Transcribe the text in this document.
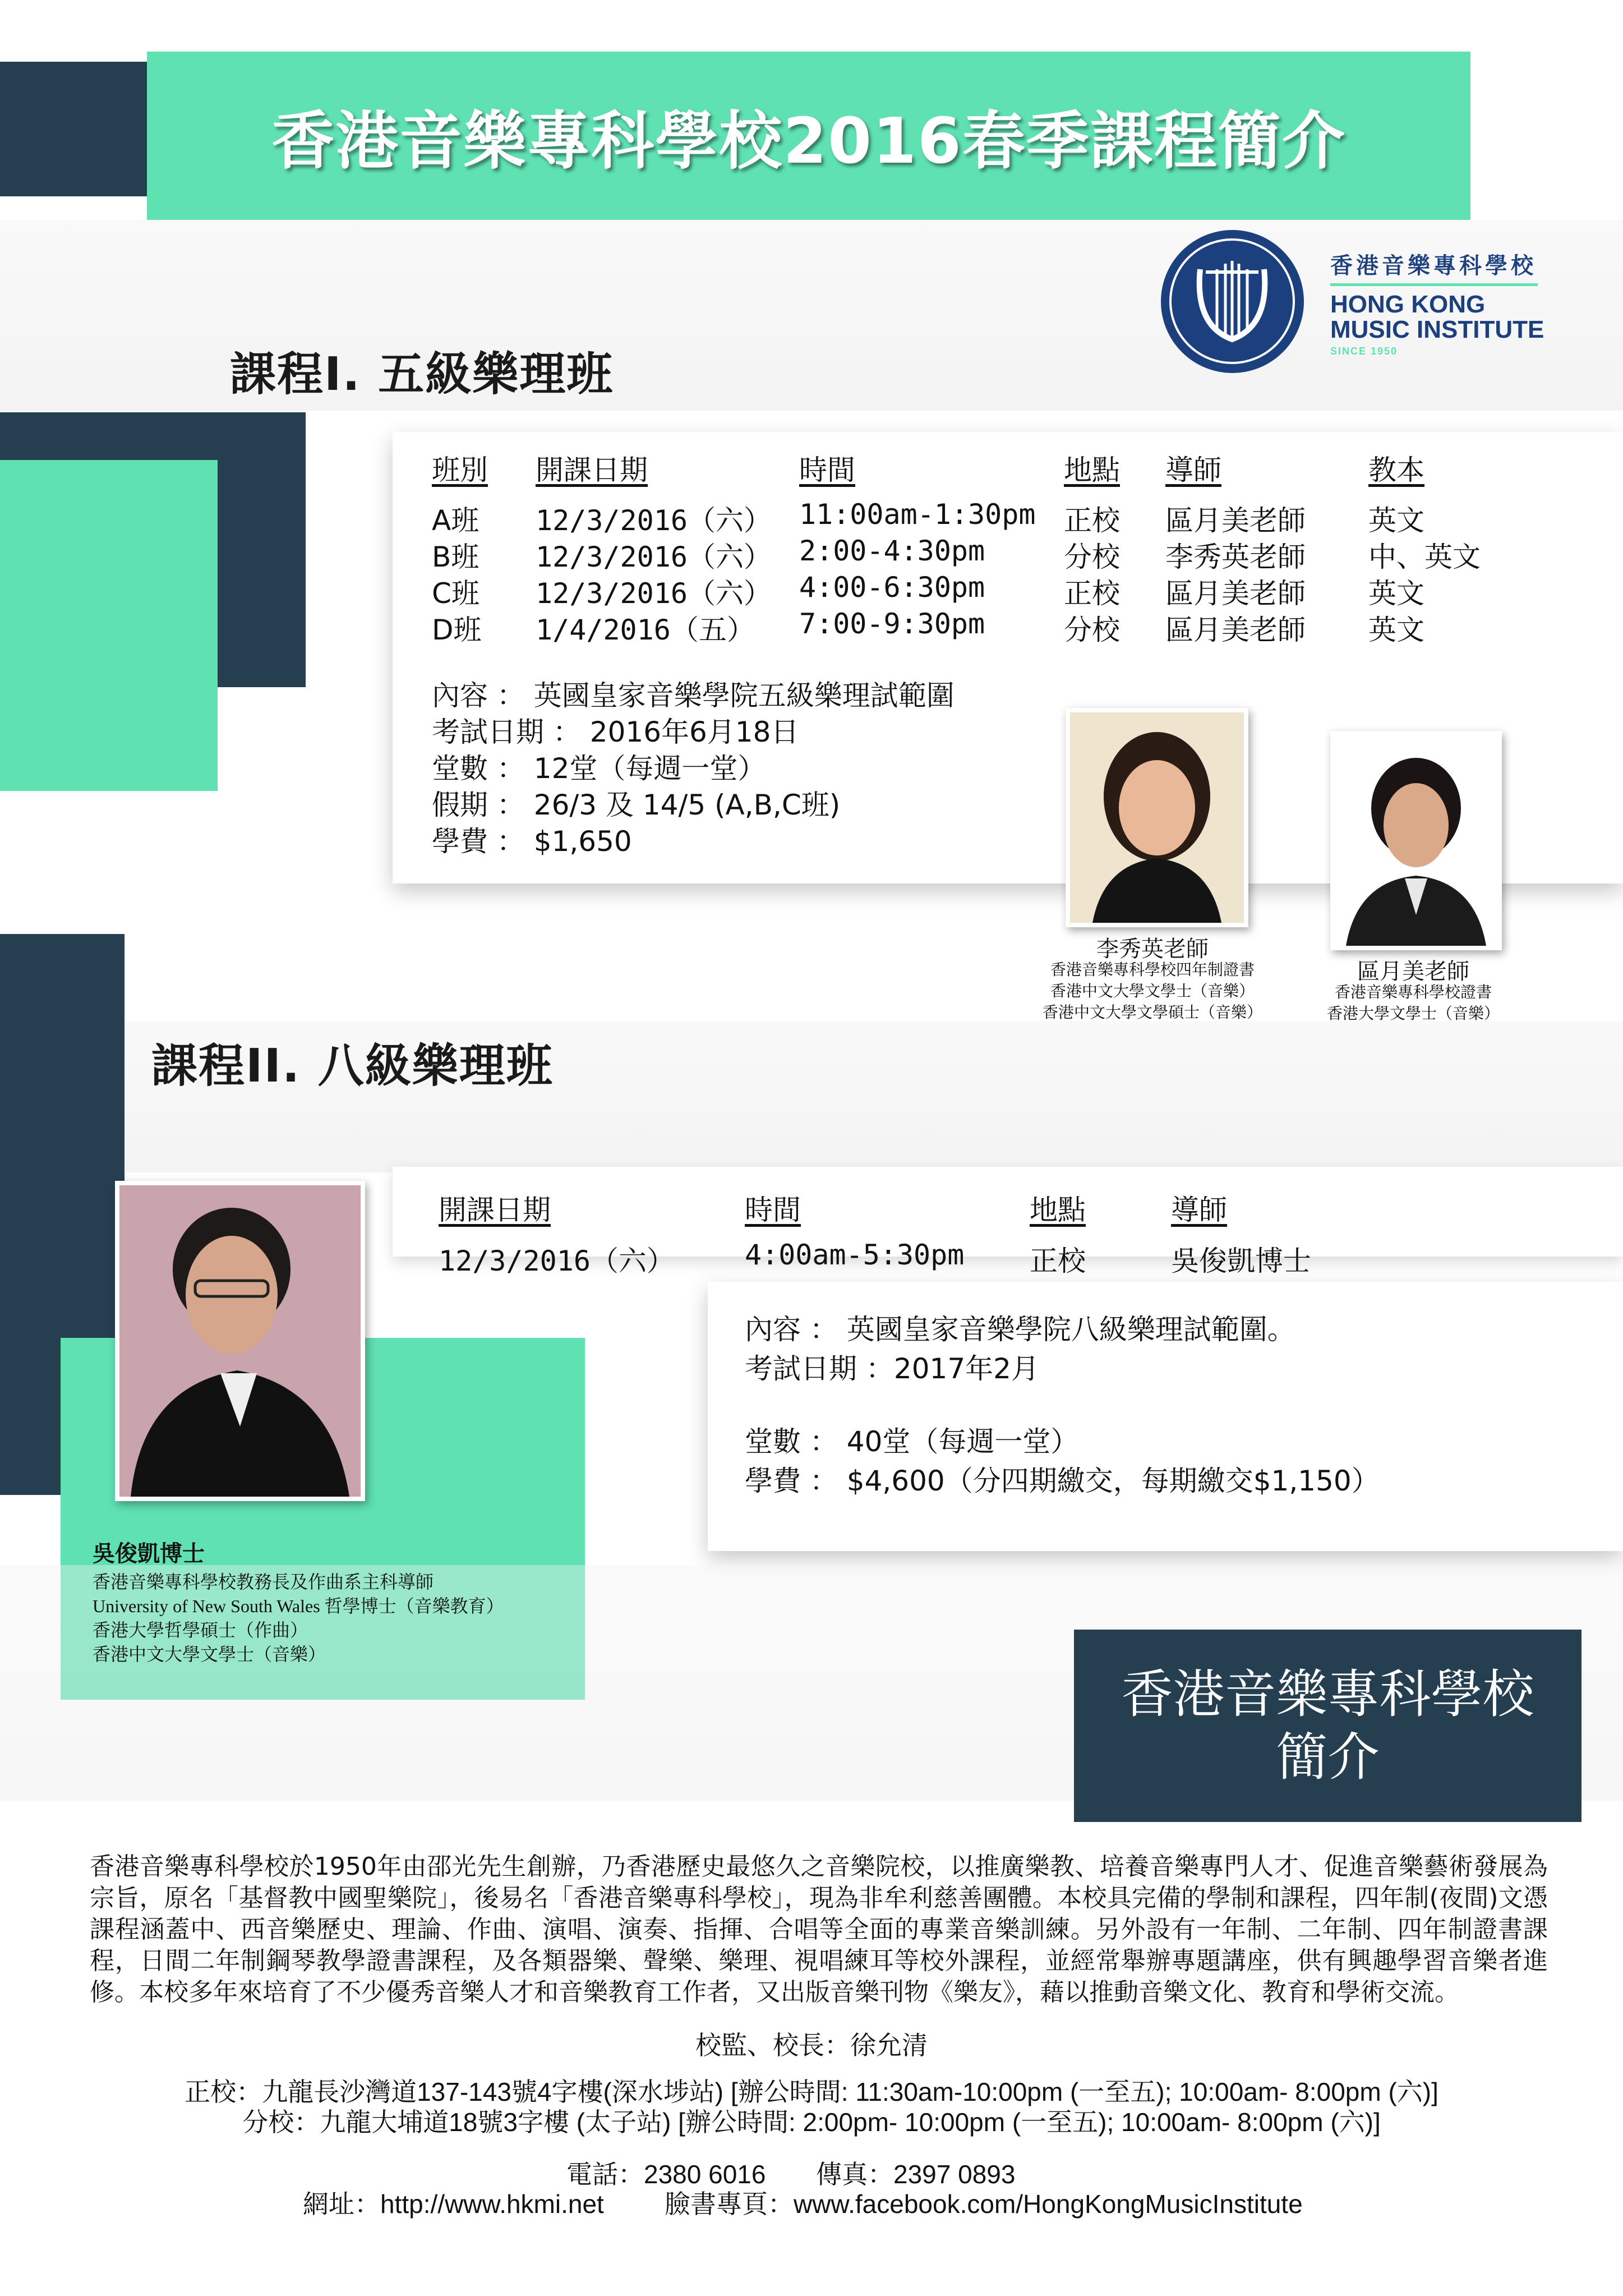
香港音樂專科學校2016春季課程簡介
香港音樂專科學校
HONG KONG
MUSIC INSTITUTE
SINCE 1950
課程I. 五級樂理班
班別 開課日期	時間	地點 導師	教本
A班 12/3/2016（六） 11:00am-1:30pm 正校 區月美老師 英文
B班 12/3/2016（六） 2:00-4:30pm	分校 李秀英老師 中、英文
C班 12/3/2016（六） 4:00-6:30pm	正校 區月美老師 英文
D班 1/4/2016（五） 7:00-9:30pm	分校 區月美老師 英文
內容 ： 英國皇家音樂學院五級樂理試範圍
考試日期 ： 2016年6月18日
堂數 ： 12堂（每週一堂）
假期 ： 26/3 及 14/5 (A,B,C班)
學費 ： $1,650
李秀英老師
香港音樂專科學校四年制證書
香港中文大學文學士（音樂）
香港中文大學文學碩士（音樂）
區月美老師
香港音樂專科學校證書
香港大學文學士（音樂）
課程II. 八級樂理班
開課日期	時間	地點	導師
12/3/2016（六）	4:00am-5:30pm 正校	吳俊凱博士
內容 ： 英國皇家音樂學院八級樂理試範圍。
考試日期 ：2017年2月
堂數 ： 40堂（每週一堂）
學費 ： $4,600（分四期繳交，每期繳交$1,150）
吳俊凱博士
香港音樂專科學校教務長及作曲系主科導師
University of New South Wales 哲學博士（音樂教育）
香港大學哲學碩士（作曲）
香港中文大學文學士（音樂）
香港音樂專科學校
簡介
香港音樂專科學校於1950年由邵光先生創辦，乃香港歷史最悠久之音樂院校，以推廣樂教、培養音樂專門人才、促進音樂藝術發展為宗旨，原名「基督教中國聖樂院」，後易名「香港音樂專科學校」，現為非牟利慈善團體。本校具完備的學制和課程，四年制(夜間)文憑課程涵蓋中、西音樂歷史、理論、作曲、演唱、演奏、指揮、合唱等全面的專業音樂訓練。另外設有一年制、二年制、四年制證書課程，日間二年制鋼琴教學證書課程，及各類器樂、聲樂、樂理、視唱練耳等校外課程，並經常舉辦專題講座，供有興趣學習音樂者進修。本校多年來培育了不少優秀音樂人才和音樂教育工作者，又出版音樂刊物《樂友》，藉以推動音樂文化、教育和學術交流。
校監、校長：徐允清
正校：九龍長沙灣道137-143號4字樓(深水埗站) [辦公時間: 11:30am-10:00pm (一至五); 10:00am- 8:00pm (六)]
分校：九龍大埔道18號3字樓 (太子站) [辦公時間: 2:00pm- 10:00pm (一至五); 10:00am- 8:00pm (六)]
電話：2380 6016 傳真：2397 0893
網址：http://www.hkmi.net 臉書專頁：www.facebook.com/HongKongMusicInstitute
